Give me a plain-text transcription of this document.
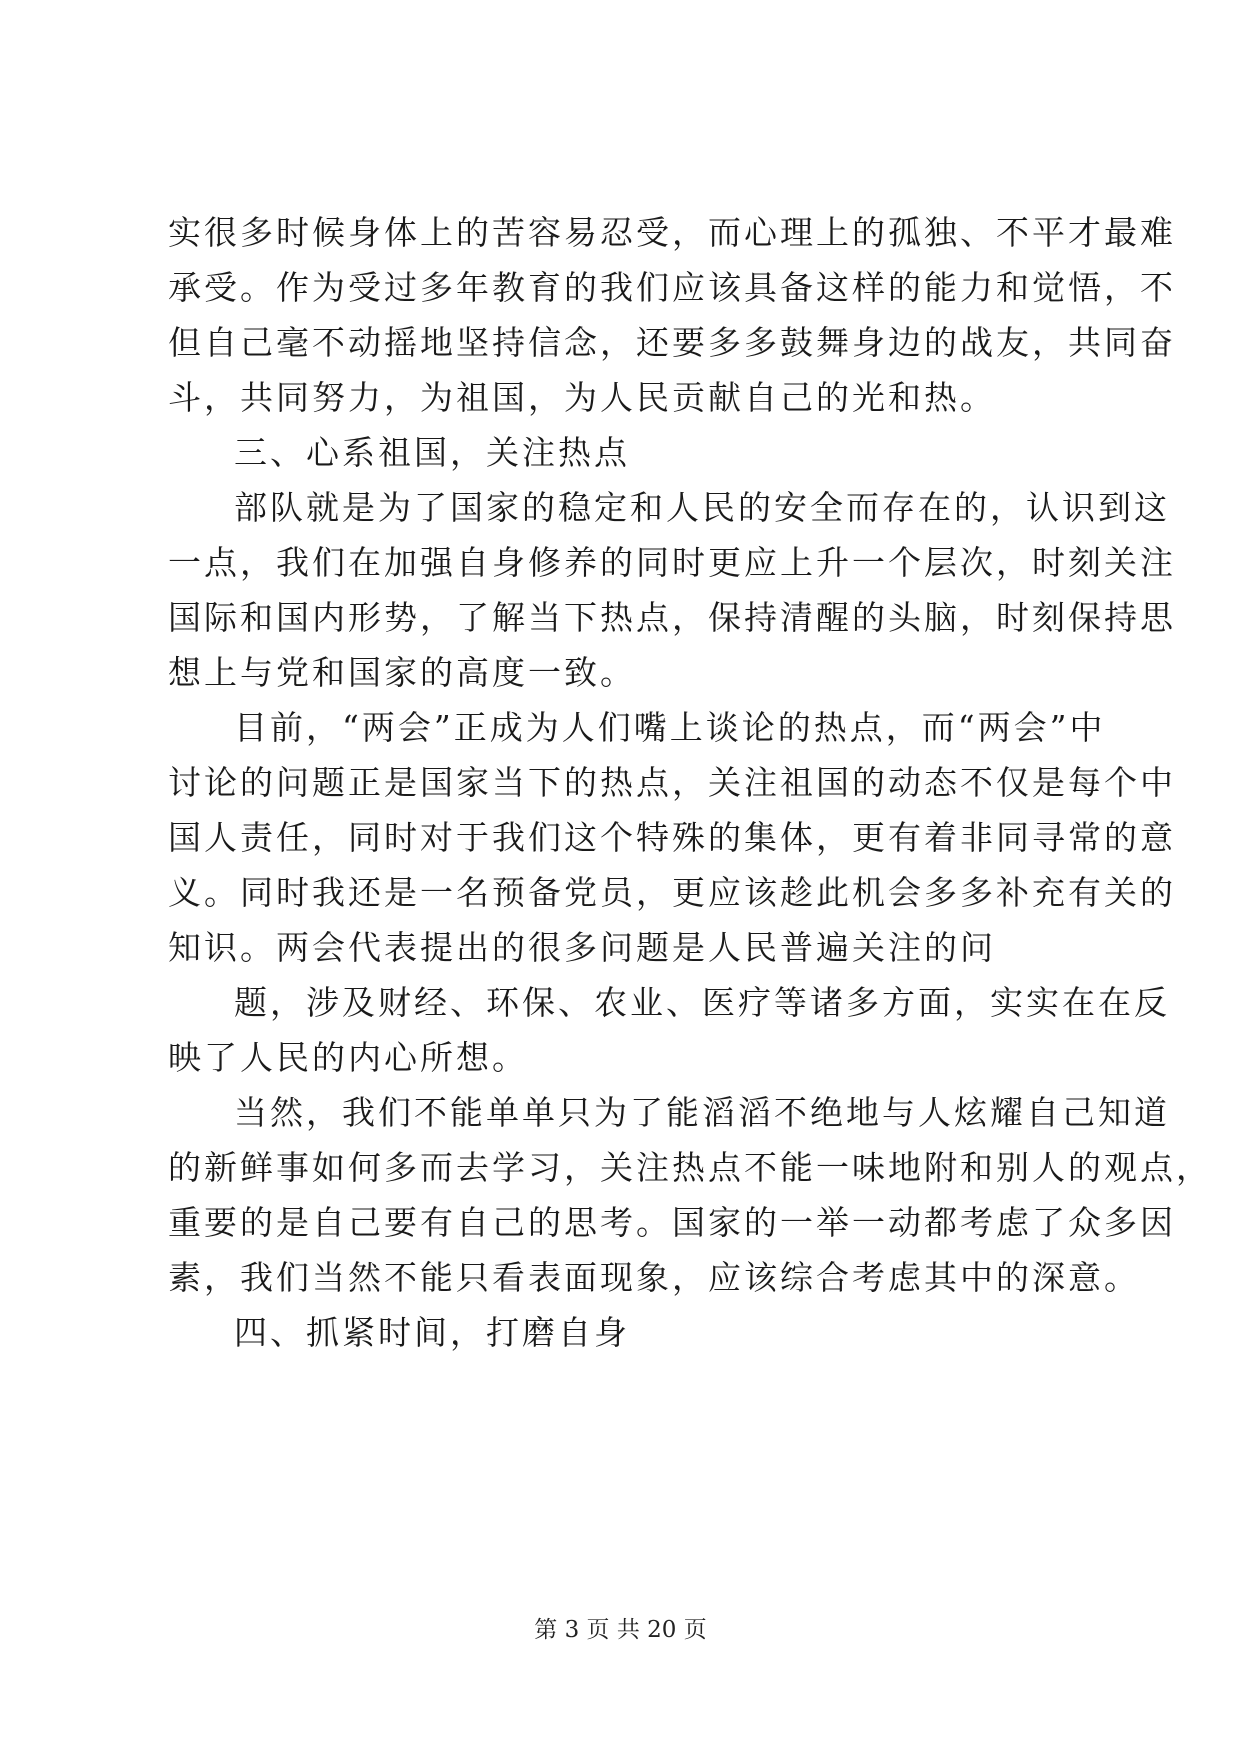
实很多时候身体上的苦容易忍受，而心理上的孤独、不平才最难
承受。作为受过多年教育的我们应该具备这样的能力和觉悟，不
但自己毫不动摇地坚持信念，还要多多鼓舞身边的战友，共同奋
斗，共同努力，为祖国，为人民贡献自己的光和热。
三、心系祖国，关注热点
部队就是为了国家的稳定和人民的安全而存在的，认识到这
一点，我们在加强自身修养的同时更应上升一个层次，时刻关注
国际和国内形势，了解当下热点，保持清醒的头脑，时刻保持思
想上与党和国家的高度一致。
目前，“两会”正成为人们嘴上谈论的热点，而“两会”中
讨论的问题正是国家当下的热点，关注祖国的动态不仅是每个中
国人责任，同时对于我们这个特殊的集体，更有着非同寻常的意
义。同时我还是一名预备党员，更应该趁此机会多多补充有关的
知识。两会代表提出的很多问题是人民普遍关注的问
题，涉及财经、环保、农业、医疗等诸多方面，实实在在反
映了人民的内心所想。
当然，我们不能单单只为了能滔滔不绝地与人炫耀自己知道
的新鲜事如何多而去学习，关注热点不能一味地附和别人的观点，
重要的是自己要有自己的思考。国家的一举一动都考虑了众多因
素，我们当然不能只看表面现象，应该综合考虑其中的深意。
四、抓紧时间，打磨自身
第 3 页 共 20 页
